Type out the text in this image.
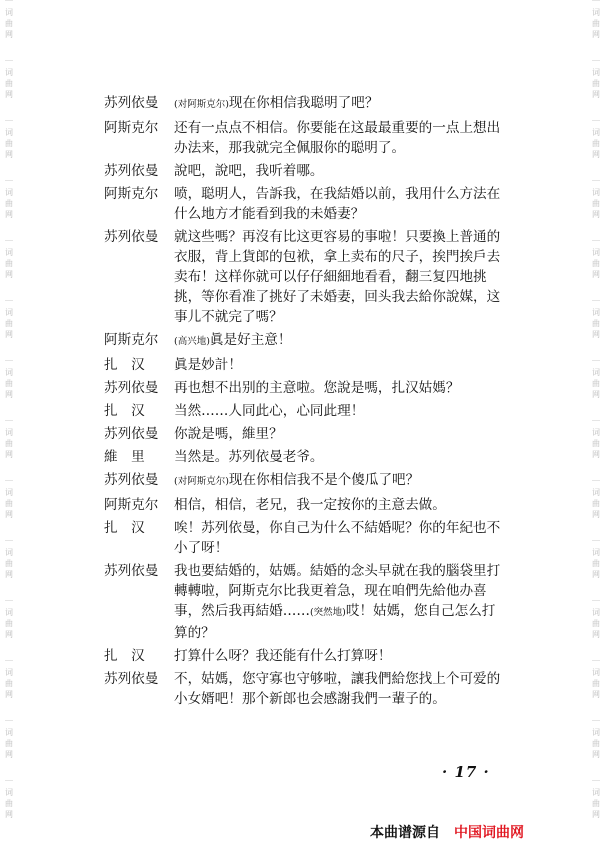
词
曲
网
词
曲
网
词
曲
网
词
曲
网
词
曲
网
词
曲
网
词
曲
网
词
曲
网
词
曲
网
词
曲
网
词
曲
网
词
曲
网
词
曲
网
词
曲
网
词
曲
网
词
曲
网
词
曲
网
词
曲
网
词
曲
网
词
曲
网
词
曲
网
词
曲
网
词
曲
网
词
曲
网
词
曲
网
词
曲
网
词
曲
网
词
曲
网
苏列依曼	(对阿斯克尔)现在你相信我聪明了吧？
阿斯克尔	还有一点点不相信。你要能在这最最重要的一点上想出办法来，那我就完全佩服你的聪明了。
苏列依曼	說吧，說吧，我听着哪。
阿斯克尔	喷，聪明人，告訴我，在我結婚以前，我用什么方法在什么地方才能看到我的未婚妻？
苏列依曼	就这些嗎？再沒有比这更容易的事啦！只要換上普通的衣服，背上貨郎的包袱，拿上卖布的尺子，挨門挨戶去卖布！这样你就可以仔仔細細地看看，翻三复四地挑挑，等你看准了挑好了未婚妻，回头我去給你說媒，这事儿不就完了嗎？
阿斯克尔	(高兴地)眞是好主意！
扎　汉	眞是妙計！
苏列依曼	再也想不出别的主意啦。您說是嗎，扎汉姑媽？
扎　汉	当然……人同此心，心同此理！
苏列依曼	你說是嗎，維里？
維　里	当然是。苏列依曼老爷。
苏列依曼	(对阿斯克尔)现在你相信我不是个傻瓜了吧？
阿斯克尔	相信，相信，老兄，我一定按你的主意去做。
扎　汉	唉！苏列依曼，你自己为什么不結婚呢？你的年紀也不小了呀！
苏列依曼	我也要結婚的，姑媽。結婚的念头早就在我的腦袋里打轉轉啦，阿斯克尔比我更着急，现在咱們先給他办喜事，然后我再結婚……(突然地)哎！姑媽，您自己怎么打算的？
扎　汉	打算什么呀？我还能有什么打算呀！
苏列依曼	不，姑媽，您守寡也守够啦，讓我們給您找上个可爱的小女婿吧！那个新郎也会感謝我們一輩子的。
· 17 ·
本曲谱源自 中国词曲网
